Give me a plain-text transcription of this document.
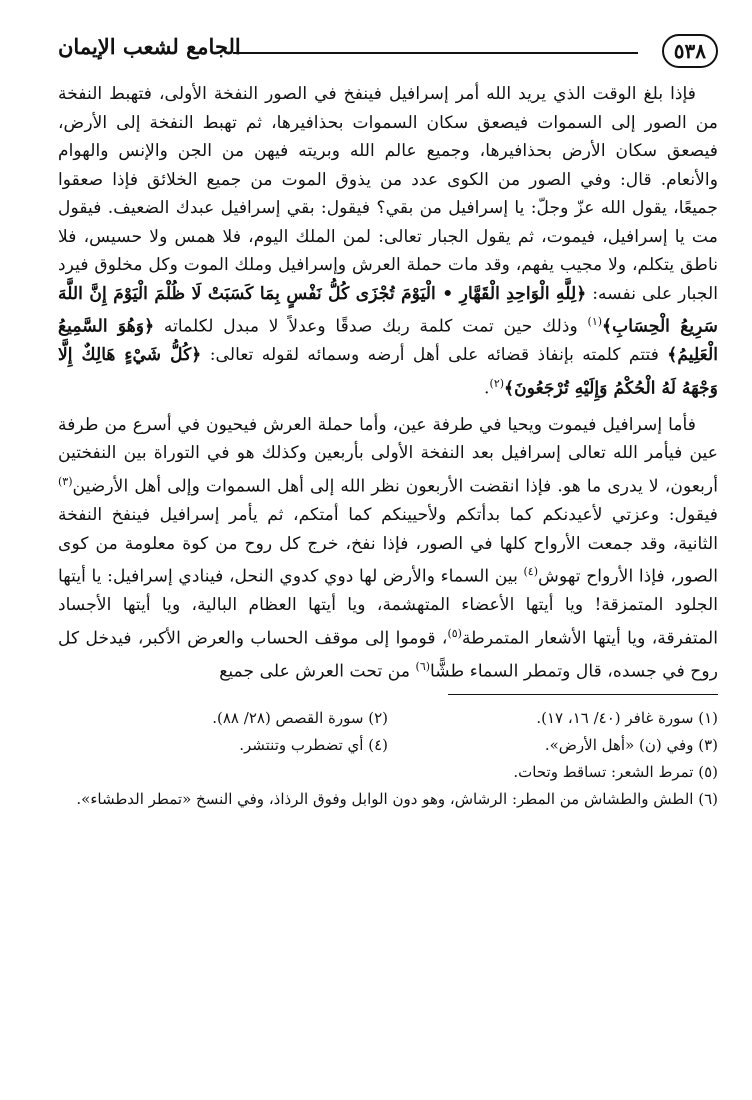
٥٣٨
الجامع لشعب الإيمان

فإذا بلغ الوقت الذي يريد الله أمر إسرافيل فينفخ في الصور النفخة الأولى، فتهبط النفخة من الصور إلى السموات فيصعق سكان السموات بحذافيرها، ثم تهبط النفخة إلى الأرض، فيصعق سكان الأرض بحذافيرها، وجميع عالم الله وبريته فيهن من الجن والإنس والهوام والأنعام. قال: وفي الصور من الكوى عدد من يذوق الموت من جميع الخلائق فإذا صعقوا جميعًا، يقول الله عزّ وجلّ: يا إسرافيل من بقي؟ فيقول: بقي إسرافيل عبدك الضعيف. فيقول مت يا إسرافيل، فيموت، ثم يقول الجبار تعالى: لمن الملك اليوم، فلا همس ولا حسيس، فلا ناطق يتكلم، ولا مجيب يفهم، وقد مات حملة العرش وإسرافيل وملك الموت وكل مخلوق فيرد الجبار على نفسه: ﴿لِلَّهِ الْوَاحِدِ الْقَهَّارِ • الْيَوْمَ تُجْزَى كُلُّ نَفْسٍ بِمَا كَسَبَتْ لَا ظُلْمَ الْيَوْمَ إِنَّ اللَّهَ سَرِيعُ الْحِسَابِ﴾$^{(١)}$ وذلك حين تمت كلمة ربك صدقًا وعدلاً لا مبدل لكلماته ﴿وَهُوَ السَّمِيعُ الْعَلِيمُ﴾ فتتم كلمته بإنفاذ قضائه على أهل أرضه وسمائه لقوله تعالى: ﴿كُلُّ شَيْءٍ هَالِكٌ إِلَّا وَجْهَهُ لَهُ الْحُكْمُ وَإِلَيْهِ تُرْجَعُونَ﴾$^{(٢)}$.

فأما إسرافيل فيموت ويحيا في طرفة عين، وأما حملة العرش فيحيون في أسرع من طرفة عين فيأمر الله تعالى إسرافيل بعد النفخة الأولى بأربعين وكذلك هو في التوراة بين النفختين أربعون، لا يدرى ما هو. فإذا انقضت الأربعون نظر الله إلى أهل السموات وإلى أهل الأرضين$^{(٣)}$ فيقول: وعزتي لأعيدنكم كما بدأتكم ولأحيينكم كما أمتكم، ثم يأمر إسرافيل فينفخ النفخة الثانية، وقد جمعت الأرواح كلها في الصور، فإذا نفخ، خرج كل روح من كوة معلومة من كوى الصور، فإذا الأرواح تهوش$^{(٤)}$ بين السماء والأرض لها دوي كدوي النحل، فينادي إسرافيل: يا أيتها الجلود المتمزقة! ويا أيتها الأعضاء المتهشمة، ويا أيتها العظام البالية، ويا أيتها الأجساد المتفرقة، ويا أيتها الأشعار المتمرطة$^{(٥)}$، قوموا إلى موقف الحساب والعرض الأكبر، فيدخل كل روح في جسده، قال وتمطر السماء طشًّا$^{(٦)}$ من تحت العرش على جميع

(١) سورة غافر (٤٠/ ١٦، ١٧).
(٢) سورة القصص (٢٨/ ٨٨).
(٣) وفي (ن) «أهل الأرض».
(٤) أي تضطرب وتنتشر.
(٥) تمرط الشعر: تساقط وتحات.
(٦) الطش والطشاش من المطر: الرشاش، وهو دون الوابل وفوق الرذاذ، وفي النسخ «تمطر الدطشاء».
